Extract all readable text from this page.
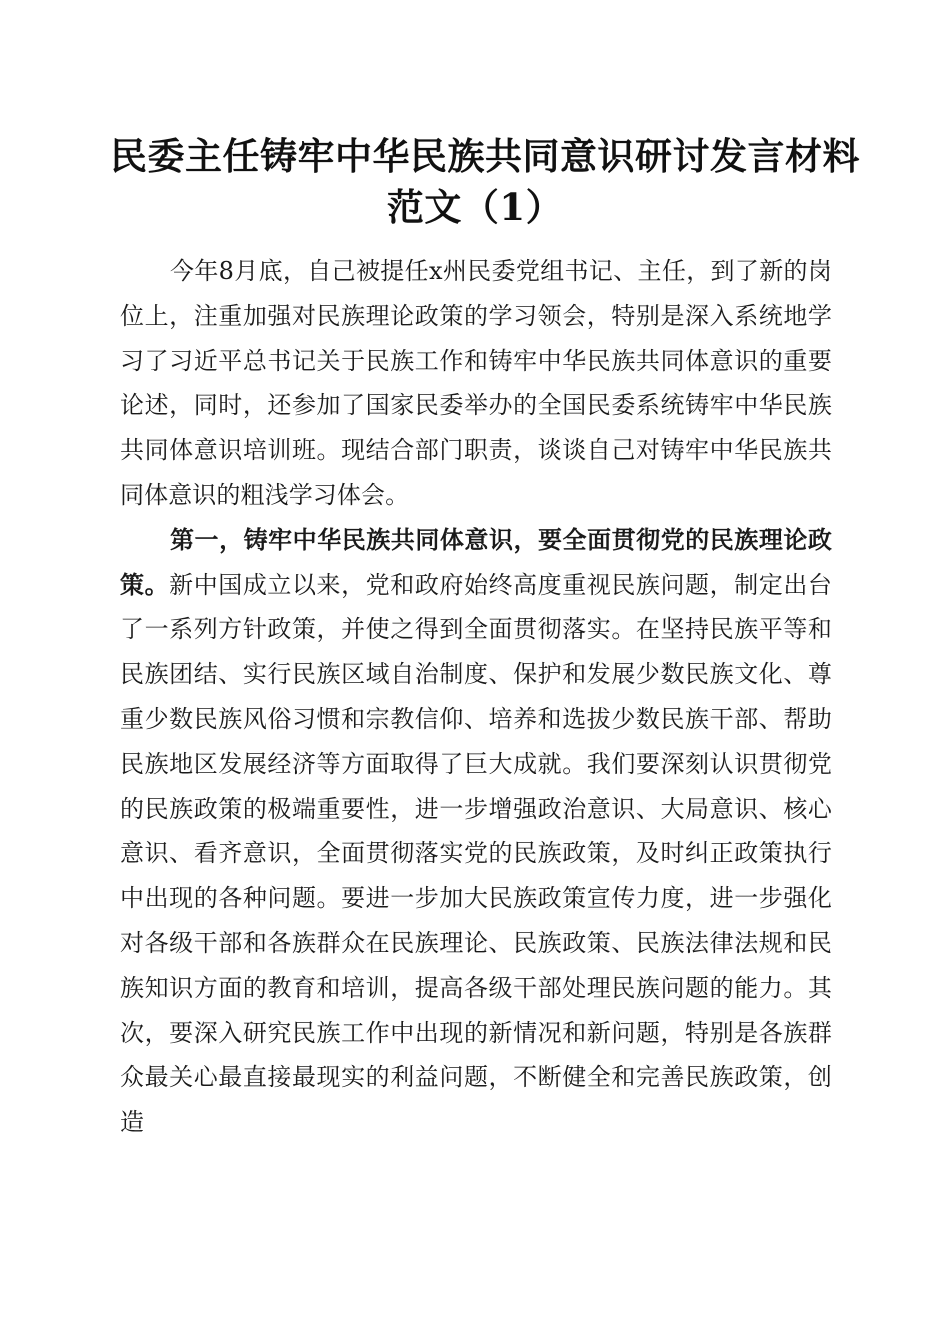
民委主任铸牢中华民族共同意识研讨发言材料
范文（1）

今年8月底，自己被提任x州民委党组书记、主任，到了新的岗位上，注重加强对民族理论政策的学习领会，特别是深入系统地学习了习近平总书记关于民族工作和铸牢中华民族共同体意识的重要论述，同时，还参加了国家民委举办的全国民委系统铸牢中华民族共同体意识培训班。现结合部门职责，谈谈自己对铸牢中华民族共同体意识的粗浅学习体会。

第一，铸牢中华民族共同体意识，要全面贯彻党的民族理论政策。新中国成立以来，党和政府始终高度重视民族问题，制定出台了一系列方针政策，并使之得到全面贯彻落实。在坚持民族平等和民族团结、实行民族区域自治制度、保护和发展少数民族文化、尊重少数民族风俗习惯和宗教信仰、培养和选拔少数民族干部、帮助民族地区发展经济等方面取得了巨大成就。我们要深刻认识贯彻党的民族政策的极端重要性，进一步增强政治意识、大局意识、核心意识、看齐意识，全面贯彻落实党的民族政策，及时纠正政策执行中出现的各种问题。要进一步加大民族政策宣传力度，进一步强化对各级干部和各族群众在民族理论、民族政策、民族法律法规和民族知识方面的教育和培训，提高各级干部处理民族问题的能力。其次，要深入研究民族工作中出现的新情况和新问题，特别是各族群众最关心最直接最现实的利益问题，不断健全和完善民族政策，创造
